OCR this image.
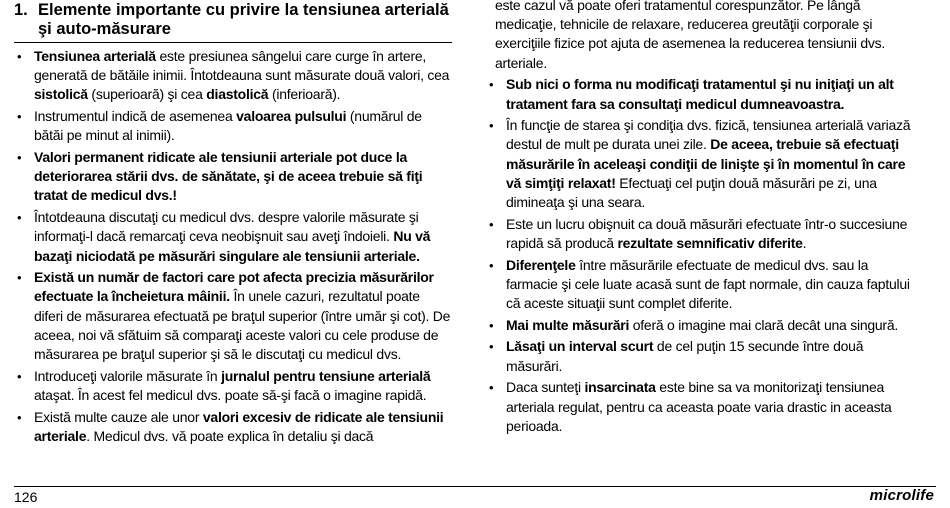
1. Elemente importante cu privire la tensiunea arterială şi auto-măsurare
• Tensiunea arterială este presiunea sângelui care curge în artere, generată de bătăile inimii. Întotdeauna sunt măsurate două valori, cea sistolică (superioară) şi cea diastolică (inferioară).
• Instrumentul indică de asemenea valoarea pulsului (numărul de bătăi pe minut al inimii).
• Valori permanent ridicate ale tensiunii arteriale pot duce la deteriorarea stării dvs. de sănătate, şi de aceea trebuie să fiţi tratat de medicul dvs.!
• Întotdeauna discutaţi cu medicul dvs. despre valorile măsurate şi informaţi-l dacă remarcaţi ceva neobişnuit sau aveţi îndoieli. Nu vă bazaţi niciodată pe măsurări singulare ale tensiunii arteriale.
• Există un număr de factori care pot afecta precizia măsurărilor efectuate la încheietura mâinii. În unele cazuri, rezultatul poate diferi de măsurarea efectuată pe braţul superior (între umăr şi cot). De aceea, noi vă sfătuim să comparaţi aceste valori cu cele produse de măsurarea pe braţul superior şi să le discutaţi cu medicul dvs.
• Introduceţi valorile măsurate în jurnalul pentru tensiune arterială ataşat. În acest fel medicul dvs. poate să-şi facă o imagine rapidă.
• Există multe cauze ale unor valori excesiv de ridicate ale tensiunii arteriale. Medicul dvs. vă poate explica în detaliu şi dacă
este cazul vă poate oferi tratamentul corespunzător. Pe lângă medicaţie, tehnicile de relaxare, reducerea greutăţii corporale şi exerciţiile fizice pot ajuta de asemenea la reducerea tensiunii dvs. arteriale.
• Sub nici o forma nu modificaţi tratamentul şi nu iniţiaţi un alt tratament fara sa consultaţi medicul dumneavoastra.
• În funcţie de starea şi condiţia dvs. fizică, tensiunea arterială variază destul de mult pe durata unei zile. De aceea, trebuie să efectuaţi măsurările în aceleaşi condiţii de linişte şi în momentul în care vă simţiţi relaxat! Efectuaţi cel puţin două măsurări pe zi, una dimineaţa şi una seara.
• Este un lucru obişnuit ca două măsurări efectuate într-o succesiune rapidă să producă rezultate semnificativ diferite.
• Diferenţele între măsurările efectuate de medicul dvs. sau la farmacie şi cele luate acasă sunt de fapt normale, din cauza faptului că aceste situaţii sunt complet diferite.
• Mai multe măsurări oferă o imagine mai clară decât una singură.
• Lăsaţi un interval scurt de cel puţin 15 secunde între două măsurări.
• Daca sunteţi insarcinata este bine sa va monitorizaţi tensiunea arteriala regulat, pentru ca aceasta poate varia drastic in aceasta perioada.
126	microlife
